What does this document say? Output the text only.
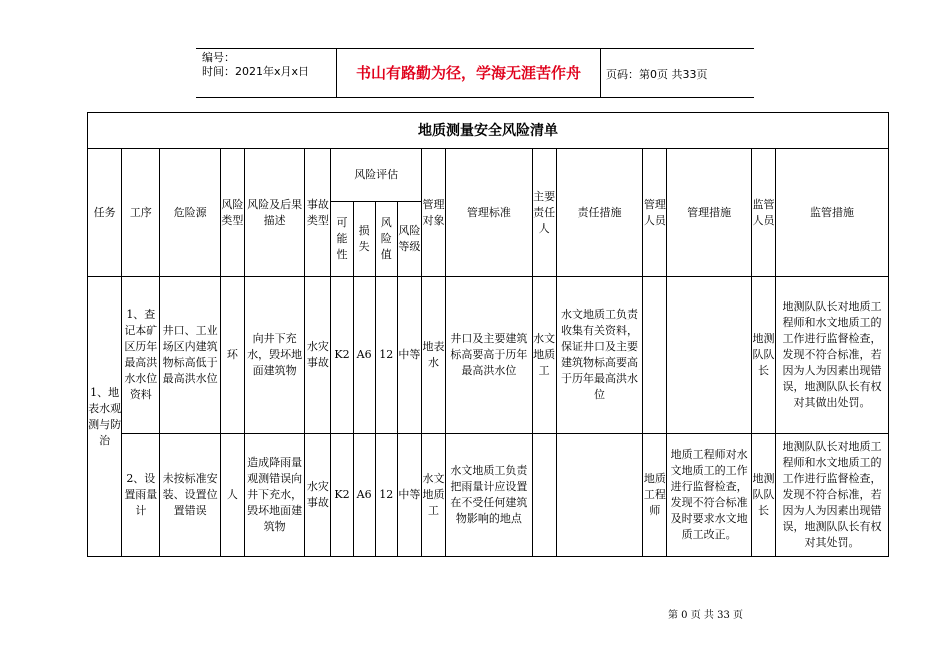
编号：
时间：2021年x月x日	书山有路勤为径，学海无涯苦作舟	页码：第0页 共33页
地质测量安全风险清单																	
任务	工序	危险源	风险类型	风险及后果描述	事故类型	风险评估				管理对象	管理标准	主要责任人	责任措施	管理人员	管理措施	监管人员	监管措施
						可能性	损失	风险值	风险等级								
1、地表水观测与防治	1、查记本矿区历年最高洪水水位资料	井口、工业场区内建筑物标高低于最高洪水位	环	向井下充水，毁坏地面建筑物	水灾事故	K2	A6	12	中等	地表水	井口及主要建筑标高要高于历年最高洪水位	水文地质工	水文地质工负责收集有关资料，保证井口及主要建筑物标高要高于历年最高洪水位			地测队队长	地测队队长对地质工程师和水文地质工的工作进行监督检查，发现不符合标准，若因为人为因素出现错误，地测队队长有权对其做出处罚。
	2、设置雨量计	未按标准安装、设置位置错误	人	造成降雨量观测错误向井下充水，毁坏地面建筑物	水灾事故	K2	A6	12	中等	水文地质工	水文地质工负责把雨量计应设置在不受任何建筑物影响的地点			地质工程师	地质工程师对水文地质工的工作进行监督检查，发现不符合标准及时要求水文地质工改正。	地测队队长	地测队队长对地质工程师和水文地质工的工作进行监督检查，发现不符合标准，若因为人为因素出现错误，地测队队长有权对其处罚。
第 0 页 共 33 页
